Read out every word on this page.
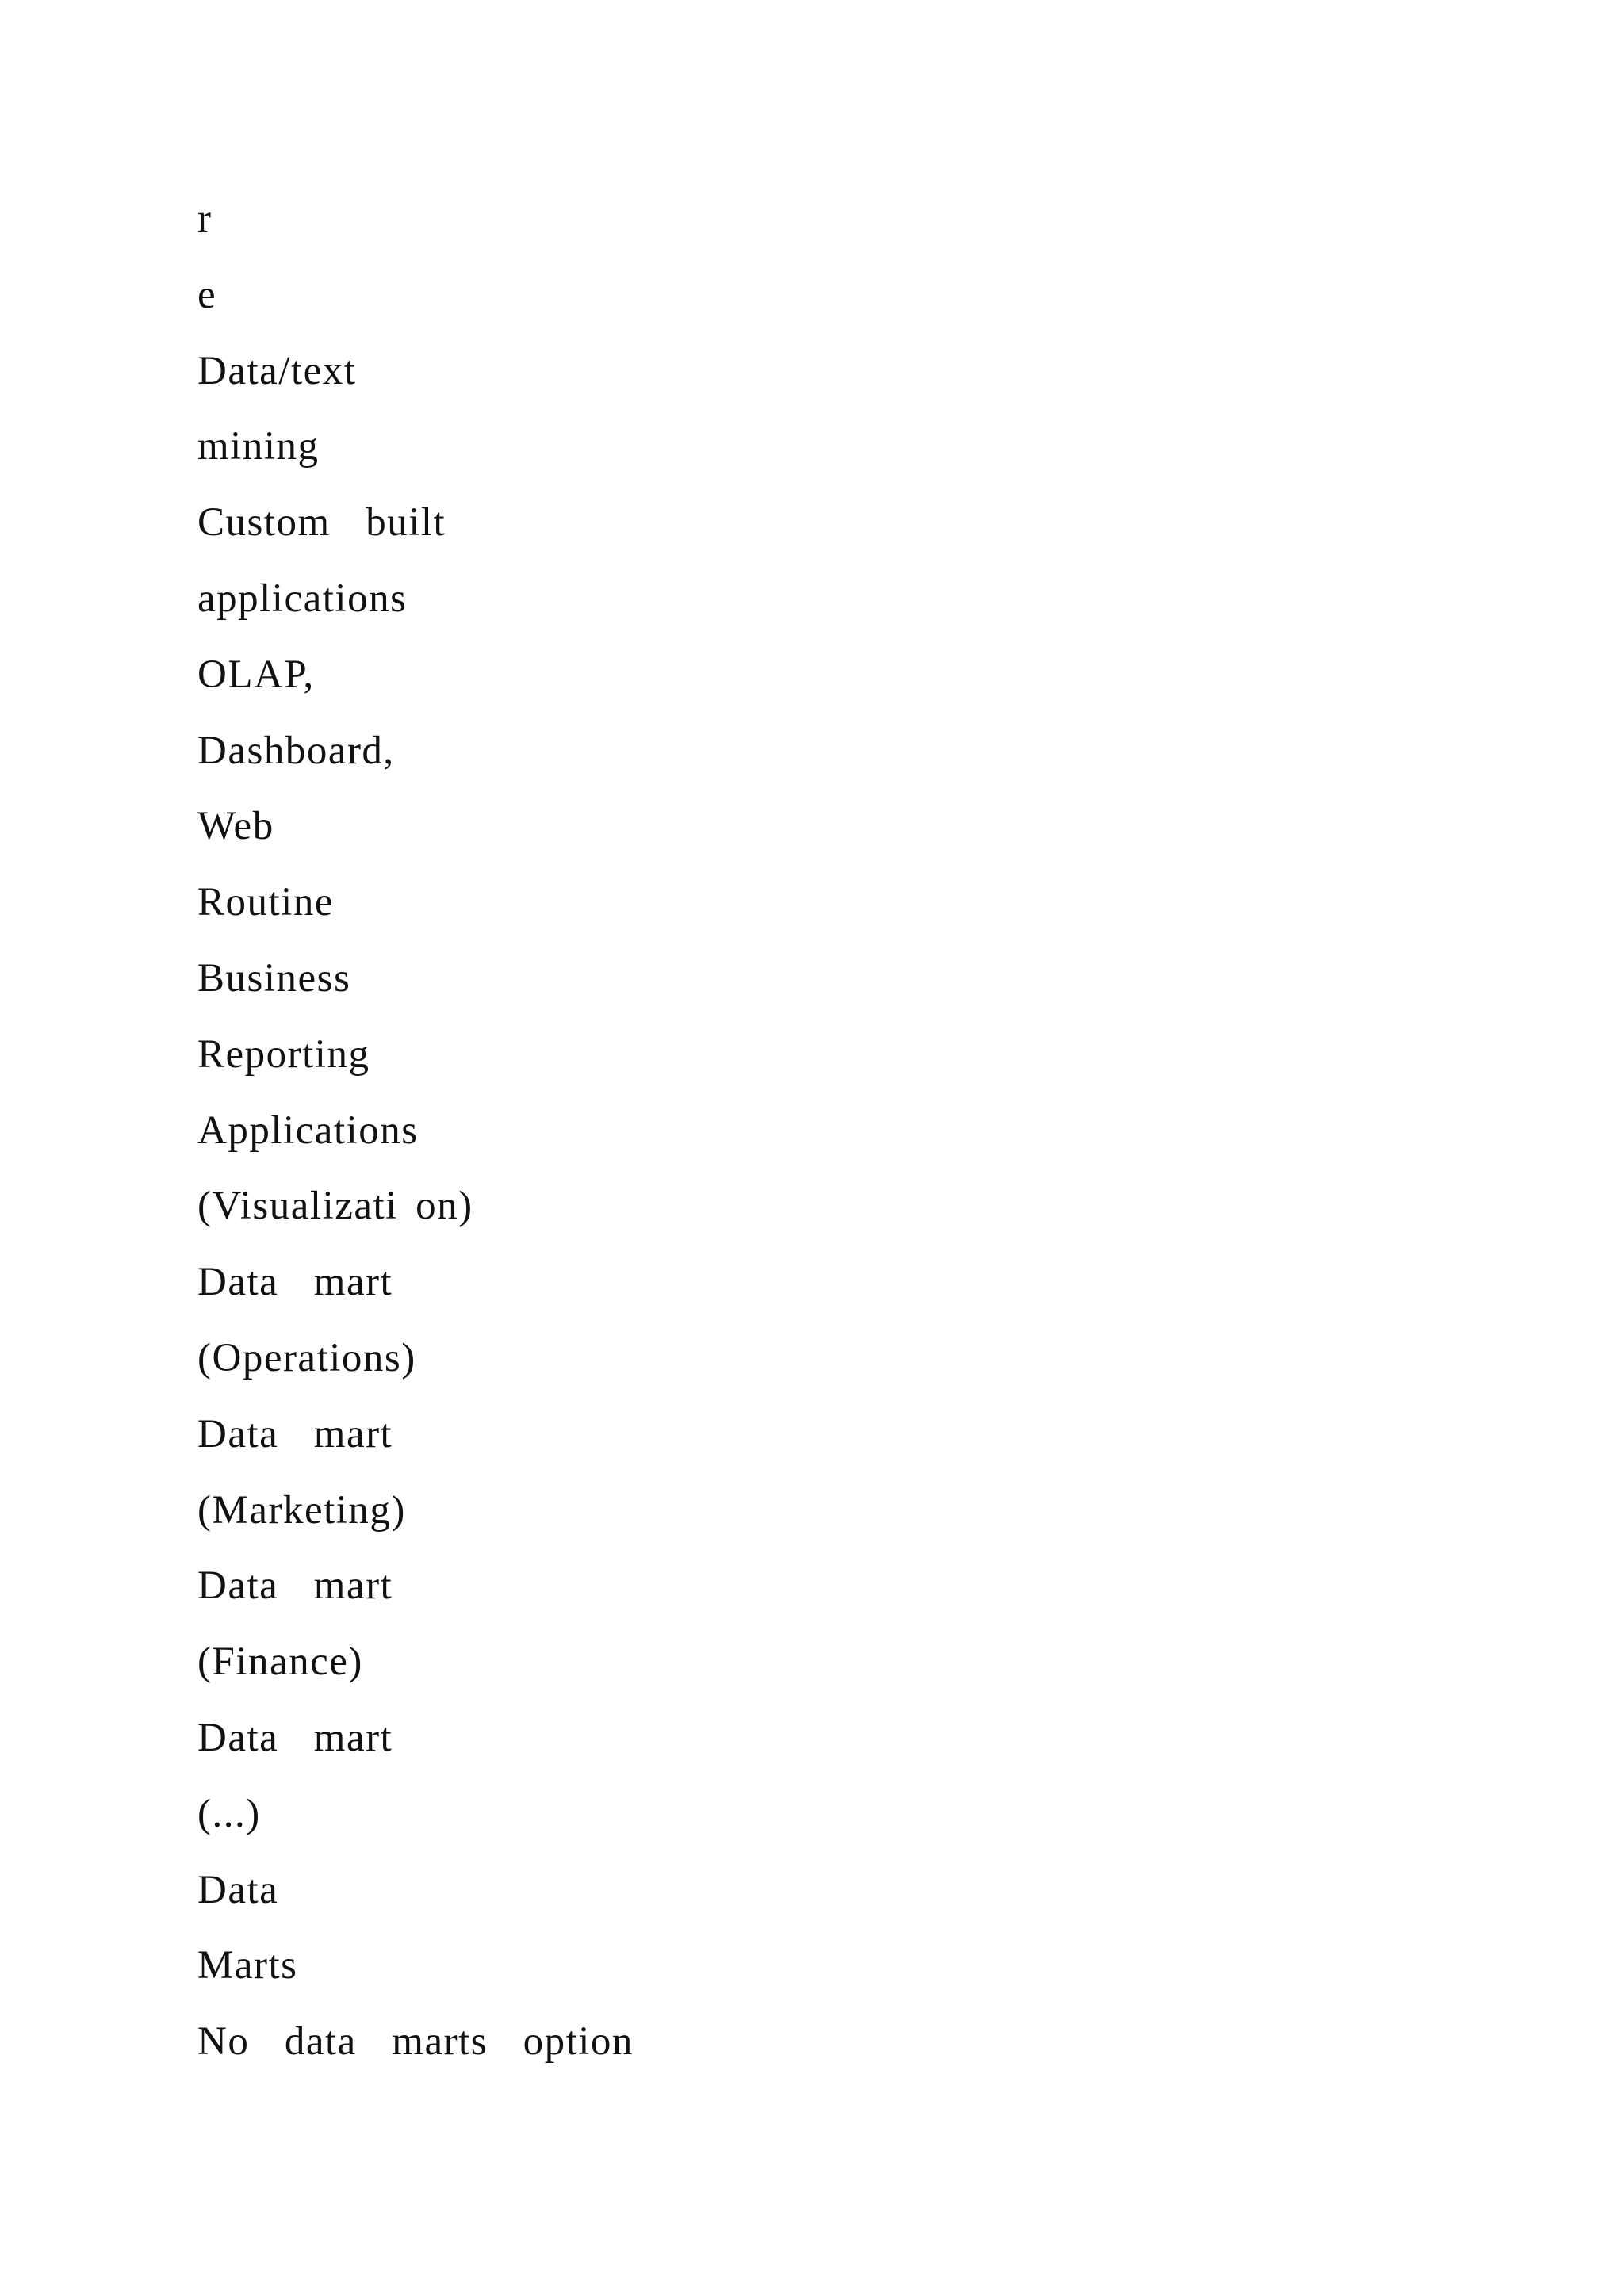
r
e
Data/text
mining
Custom  built
applications
OLAP,
Dashboard,
Web
Routine
Business
Reporting
Applications
(Visualizati on)
Data  mart
(Operations)
Data  mart
(Marketing)
Data  mart
(Finance)
Data  mart
(...)
Data
Marts
No  data  marts  option
